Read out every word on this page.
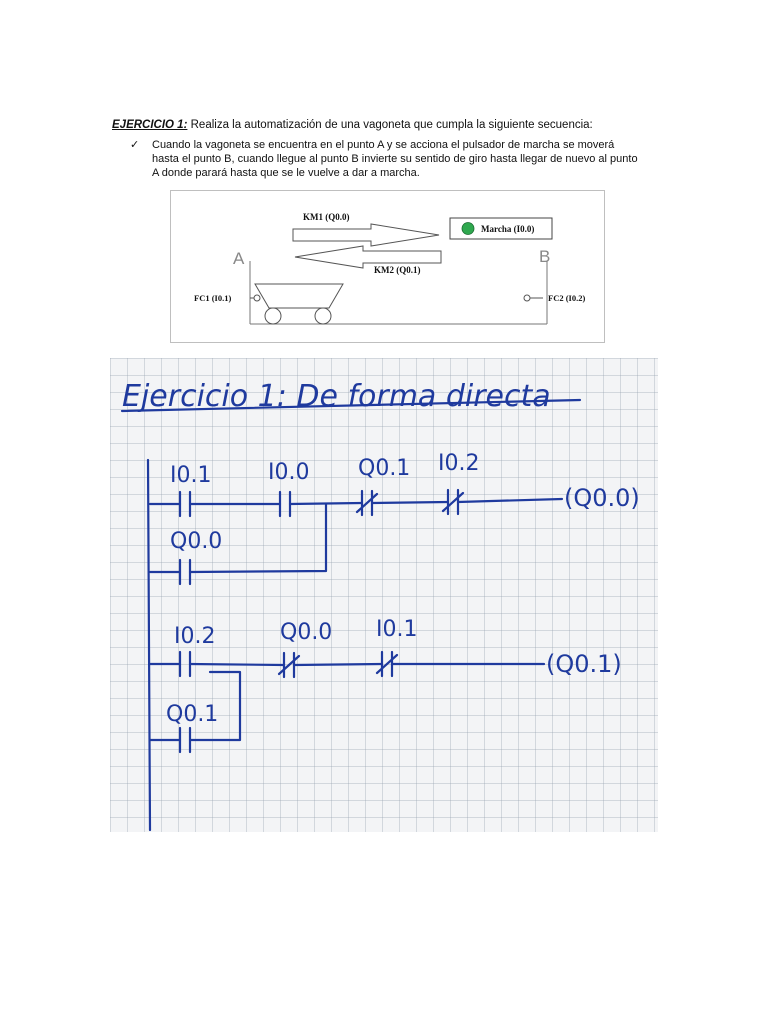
EJERCICIO 1: Realiza la automatización de una vagoneta que cumpla la siguiente secuencia:
✓ Cuando la vagoneta se encuentra en el punto A y se acciona el pulsador de marcha se moverá
hasta el punto B, cuando llegue al punto B invierte su sentido de giro hasta llegar de nuevo al punto
A donde parará hasta que se le vuelve a dar a marcha.
KM1 (Q0.0)
KM2 (Q0.1)
Marcha (I0.0)
A	B
FC1 (I0.1)	FC2 (I0.2)
Ejercicio 1: De forma directa
I0.1	I0.0 Q0.1 I0.2
Q0.0
(Q0.0)
I0.2	Q0.0 I0.1
Q0.1
(Q0.1)
